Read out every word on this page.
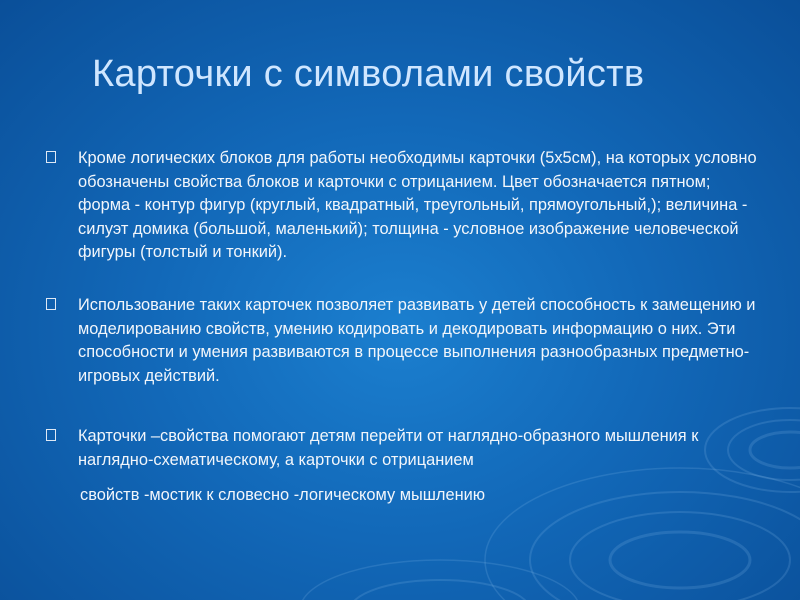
Карточки с символами свойств
Кроме логических блоков для работы необходимы карточки (5х5см), на которых условно обозначены свойства блоков и карточки с отрицанием. Цвет обозначается пятном; форма - контур фигур (круглый, квадратный, треугольный, прямоугольный,); величина - силуэт домика (большой, маленький); толщина - условное изображение человеческой фигуры (толстый и тонкий).
Использование таких карточек позволяет развивать у детей способность к замещению и моделированию свойств, умению кодировать и декодировать информацию о них. Эти способности и умения развиваются в процессе выполнения разнообразных предметно-игровых действий.
Карточки –свойства помогают детям перейти от наглядно-образного мышления к наглядно-схематическому, а карточки с отрицанием
свойств -мостик к словесно -логическому мышлению
